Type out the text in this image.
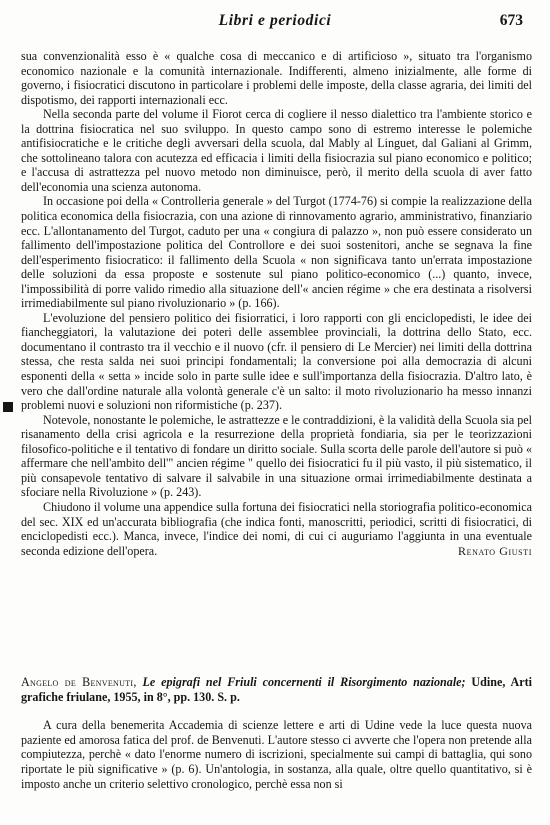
Libri e periodici	673

sua convenzionalità esso è « qualche cosa di meccanico e di artificioso », situato tra l'organismo economico nazionale e la comunità internazionale. Indifferenti, almeno inizialmente, alle forme di governo, i fisiocratici discutono in particolare i problemi delle imposte, della classe agraria, dei limiti del dispotismo, dei rapporti internazionali ecc.

Nella seconda parte del volume il Fiorot cerca di cogliere il nesso dialettico tra l'ambiente storico e la dottrina fisiocratica nel suo sviluppo. In questo campo sono di estremo interesse le polemiche antifisiocratiche e le critiche degli avversari della scuola, dal Mably al Linguet, dal Galiani al Grimm, che sottolineano talora con acutezza ed efficacia i limiti della fisiocrazia sul piano economico e politico; e l'accusa di astrattezza pel nuovo metodo non diminuisce, però, il merito della scuola di aver fatto dell'economia una scienza autonoma.

In occasione poi della « Controlleria generale » del Turgot (1774-76) si compie la realizzazione della politica economica della fisiocrazia, con una azione di rinnovamento agrario, amministrativo, finanziario ecc. L'allontanamento del Turgot, caduto per una « congiura di palazzo », non può essere considerato un fallimento dell'impostazione politica del Controllore e dei suoi sostenitori, anche se segnava la fine dell'esperimento fisiocratico: il fallimento della Scuola « non significava tanto un'errata impostazione delle soluzioni da essa proposte e sostenute sul piano politico-economico (...) quanto, invece, l'impossibilità di porre valido rimedio alla situazione dell'« ancien régime » che era destinata a risolversi irrimediabilmente sul piano rivoluzionario » (p. 166).

L'evoluzione del pensiero politico dei fisiorratici, i loro rapporti con gli enciclopedisti, le idee dei fiancheggiatori, la valutazione dei poteri delle assemblee provinciali, la dottrina dello Stato, ecc. documentano il contrasto tra il vecchio e il nuovo (cfr. il pensiero di Le Mercier) nei limiti della dottrina stessa, che resta salda nei suoi principi fondamentali; la conversione poi alla democrazia di alcuni esponenti della « setta » incide solo in parte sulle idee e sull'importanza della fisiocrazia. D'altro lato, è vero che dall'ordine naturale alla volontà generale c'è un salto: il moto rivoluzionario ha messo innanzi problemi nuovi e soluzioni non riformistiche (p. 237).

Notevole, nonostante le polemiche, le astrattezze e le contraddizioni, è la validità della Scuola sia pel risanamento della crisi agricola e la resurrezione della proprietà fondiaria, sia per le teorizzazioni filosofico-politiche e il tentativo di fondare un diritto sociale. Sulla scorta delle parole dell'autore si può « affermare che nell'ambito dell'" ancien régime " quello dei fisiocratici fu il più vasto, il più sistematico, il più consapevole tentativo di salvare il salvabile in una situazione ormai irrimediabilmente destinata a sfociare nella Rivoluzione » (p. 243).

Chiudono il volume una appendice sulla fortuna dei fisiocratici nella storiografia politico-economica del sec. XIX ed un'accurata bibliografia (che indica fonti, manoscritti, periodici, scritti di fisiocratici, di enciclopedisti ecc.). Manca, invece, l'indice dei nomi, di cui ci auguriamo l'aggiunta in una eventuale seconda edizione dell'opera.	Renato Giusti
Angelo de Benvenuti, Le epigrafi nel Friuli concernenti il Risorgimento nazionale; Udine, Arti grafiche friulane, 1955, in 8°, pp. 130. S. p.

A cura della benemerita Accademia di scienze lettere e arti di Udine vede la luce questa nuova paziente ed amorosa fatica del prof. de Benvenuti. L'autore stesso ci avverte che l'opera non pretende alla compiutezza, perchè « dato l'enorme numero di iscrizioni, specialmente sui campi di battaglia, qui sono riportate le più significative » (p. 6). Un'antologia, in sostanza, alla quale, oltre quello quantitativo, si è imposto anche un criterio selettivo cronologico, perchè essa non si
